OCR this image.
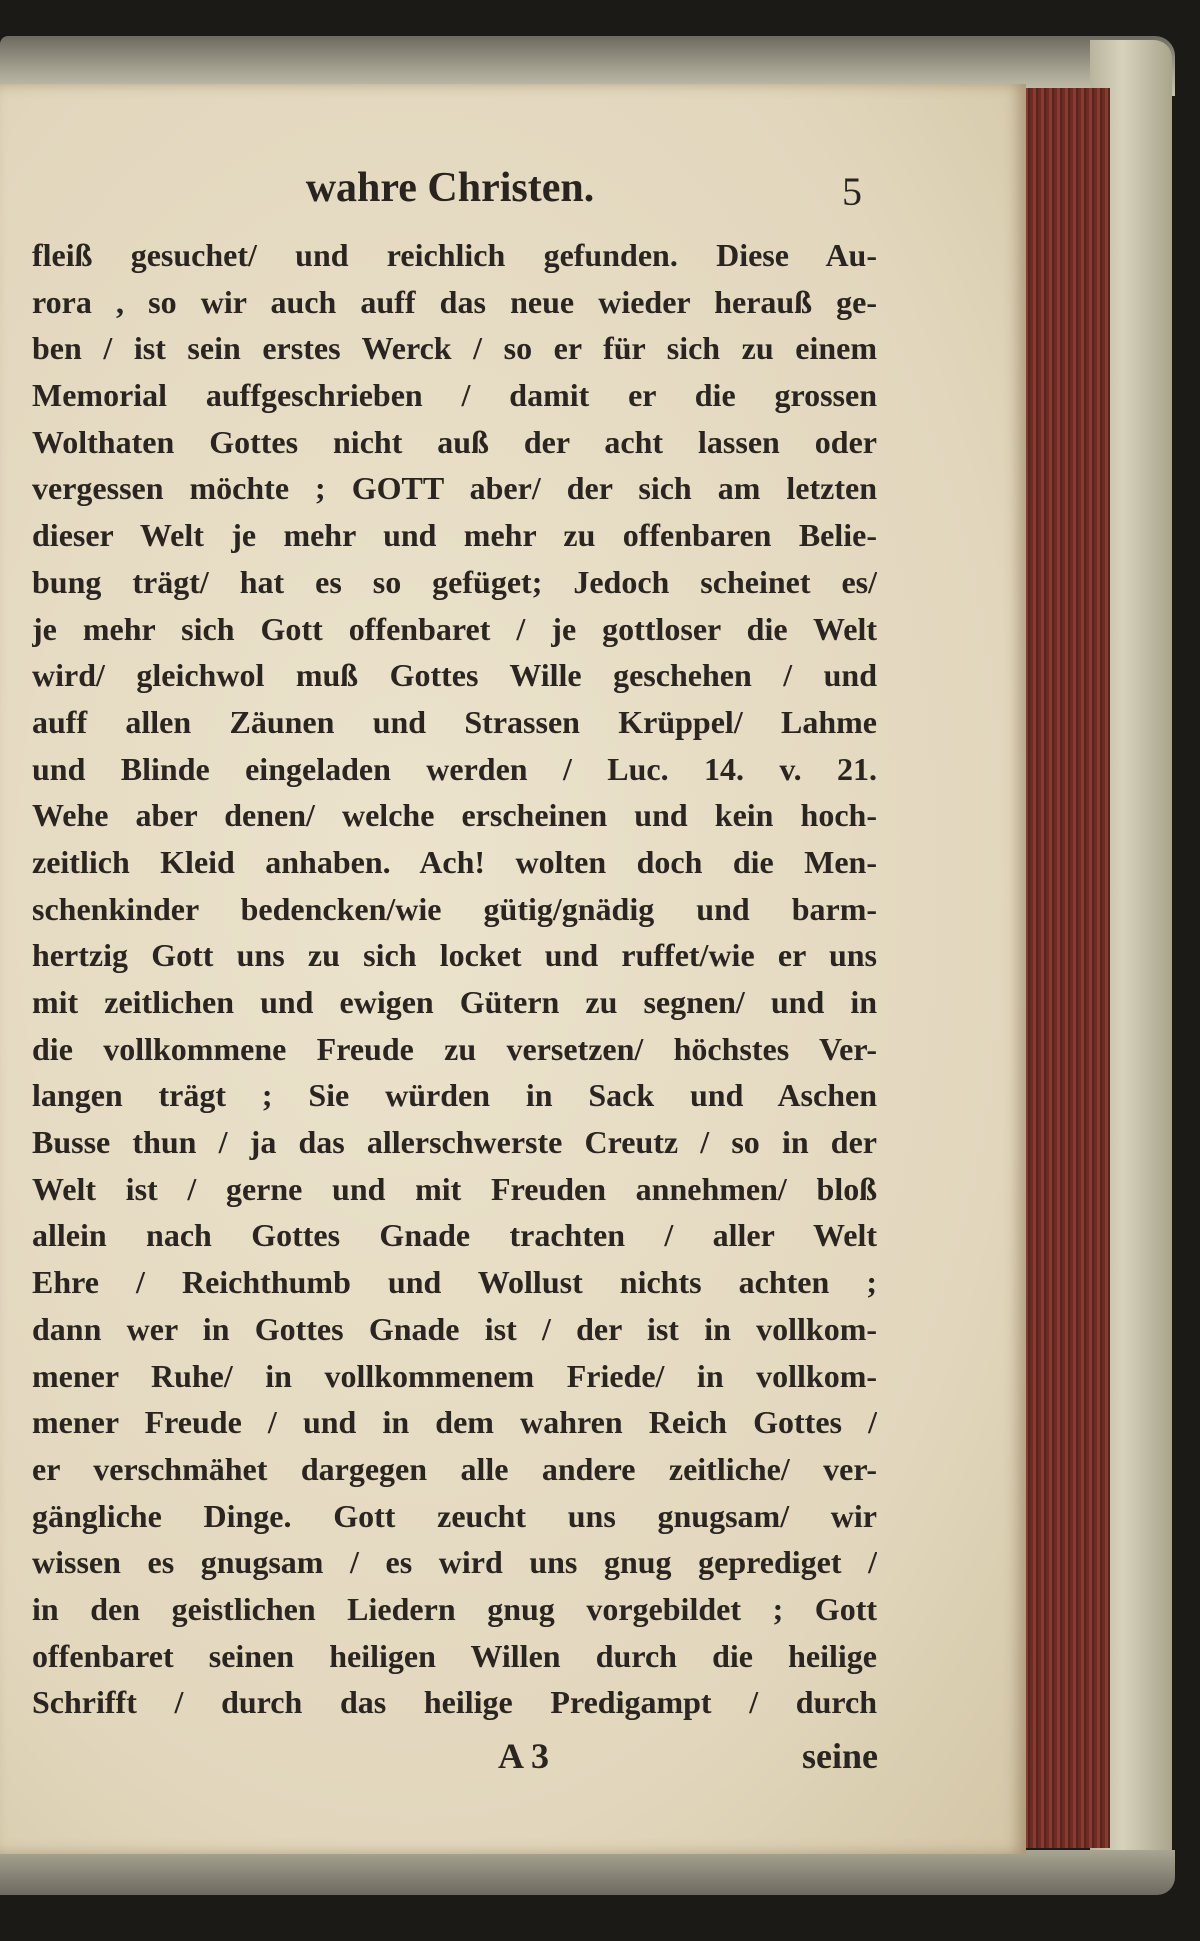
wahre Christen.	5
fleiß gesuchet/ und reichlich gefunden. Diese Au-
rora , so wir auch auff das neue wieder herauß ge-
ben / ist sein erstes Werck / so er für sich zu einem
Memorial auffgeschrieben / damit er die grossen
Wolthaten Gottes nicht auß der acht lassen oder
vergessen möchte ; GOTT aber/ der sich am letzten
dieser Welt je mehr und mehr zu offenbaren Belie-
bung trägt/ hat es so gefüget; Jedoch scheinet es/
je mehr sich Gott offenbaret / je gottloser die Welt
wird/ gleichwol muß Gottes Wille geschehen / und
auff allen Zäunen und Strassen Krüppel/ Lahme
und Blinde eingeladen werden / Luc. 14. v. 21.
Wehe aber denen/ welche erscheinen und kein hoch-
zeitlich Kleid anhaben. Ach! wolten doch die Men-
schenkinder bedencken/wie gütig/gnädig und barm-
hertzig Gott uns zu sich locket und ruffet/wie er uns
mit zeitlichen und ewigen Gütern zu segnen/ und in
die vollkommene Freude zu versetzen/ höchstes Ver-
langen trägt ; Sie würden in Sack und Aschen
Busse thun / ja das allerschwerste Creutz / so in der
Welt ist / gerne und mit Freuden annehmen/ bloß
allein nach Gottes Gnade trachten / aller Welt
Ehre / Reichthumb und Wollust nichts achten ;
dann wer in Gottes Gnade ist / der ist in vollkom-
mener Ruhe/ in vollkommenem Friede/ in vollkom-
mener Freude / und in dem wahren Reich Gottes /
er verschmähet dargegen alle andere zeitliche/ ver-
gängliche Dinge. Gott zeucht uns gnugsam/ wir
wissen es gnugsam / es wird uns gnug geprediget /
in den geistlichen Liedern gnug vorgebildet ; Gott
offenbaret seinen heiligen Willen durch die heilige
Schrifft / durch das heilige Predigampt / durch
A 3	seine
